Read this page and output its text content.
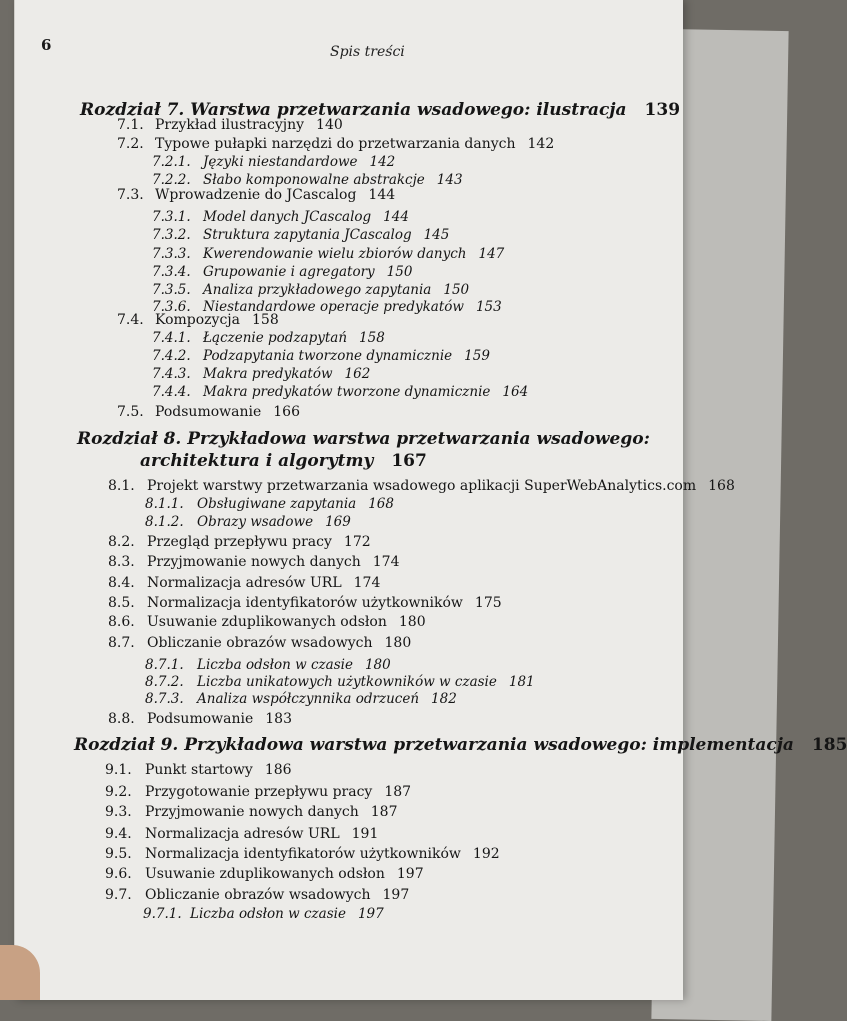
6	Spis treści
Rozdział 7. Warstwa przetwarzania wsadowego: ilustracja 139
7.1. Przykład ilustracyjny 140
7.2. Typowe pułapki narzędzi do przetwarzania danych 142
7.2.1. Języki niestandardowe 142
7.2.2. Słabo komponowalne abstrakcje 143
7.3. Wprowadzenie do JCascalog 144
7.3.1. Model danych JCascalog 144
7.3.2. Struktura zapytania JCascalog 145
7.3.3. Kwerendowanie wielu zbiorów danych 147
7.3.4. Grupowanie i agregatory 150
7.3.5. Analiza przykładowego zapytania 150
7.3.6. Niestandardowe operacje predykatów 153
7.4. Kompozycja 158
7.4.1. Łączenie podzapytań 158
7.4.2. Podzapytania tworzone dynamicznie 159
7.4.3. Makra predykatów 162
7.4.4. Makra predykatów tworzone dynamicznie 164
7.5. Podsumowanie 166
Rozdział 8. Przykładowa warstwa przetwarzania wsadowego:
architektura i algorytmy 167
8.1. Projekt warstwy przetwarzania wsadowego aplikacji SuperWebAnalytics.com 168
8.1.1. Obsługiwane zapytania 168
8.1.2. Obrazy wsadowe 169
8.2. Przegląd przepływu pracy 172
8.3. Przyjmowanie nowych danych 174
8.4. Normalizacja adresów URL 174
8.5. Normalizacja identyfikatorów użytkowników 175
8.6. Usuwanie zduplikowanych odsłon 180
8.7. Obliczanie obrazów wsadowych 180
8.7.1. Liczba odsłon w czasie 180
8.7.2. Liczba unikatowych użytkowników w czasie 181
8.7.3. Analiza współczynnika odrzuceń 182
8.8. Podsumowanie 183
Rozdział 9. Przykładowa warstwa przetwarzania wsadowego: implementacja 185
9.1. Punkt startowy 186
9.2. Przygotowanie przepływu pracy 187
9.3. Przyjmowanie nowych danych 187
9.4. Normalizacja adresów URL 191
9.5. Normalizacja identyfikatorów użytkowników 192
9.6. Usuwanie zduplikowanych odsłon 197
9.7. Obliczanie obrazów wsadowych 197
9.7.1. Liczba odsłon w czasie 197
